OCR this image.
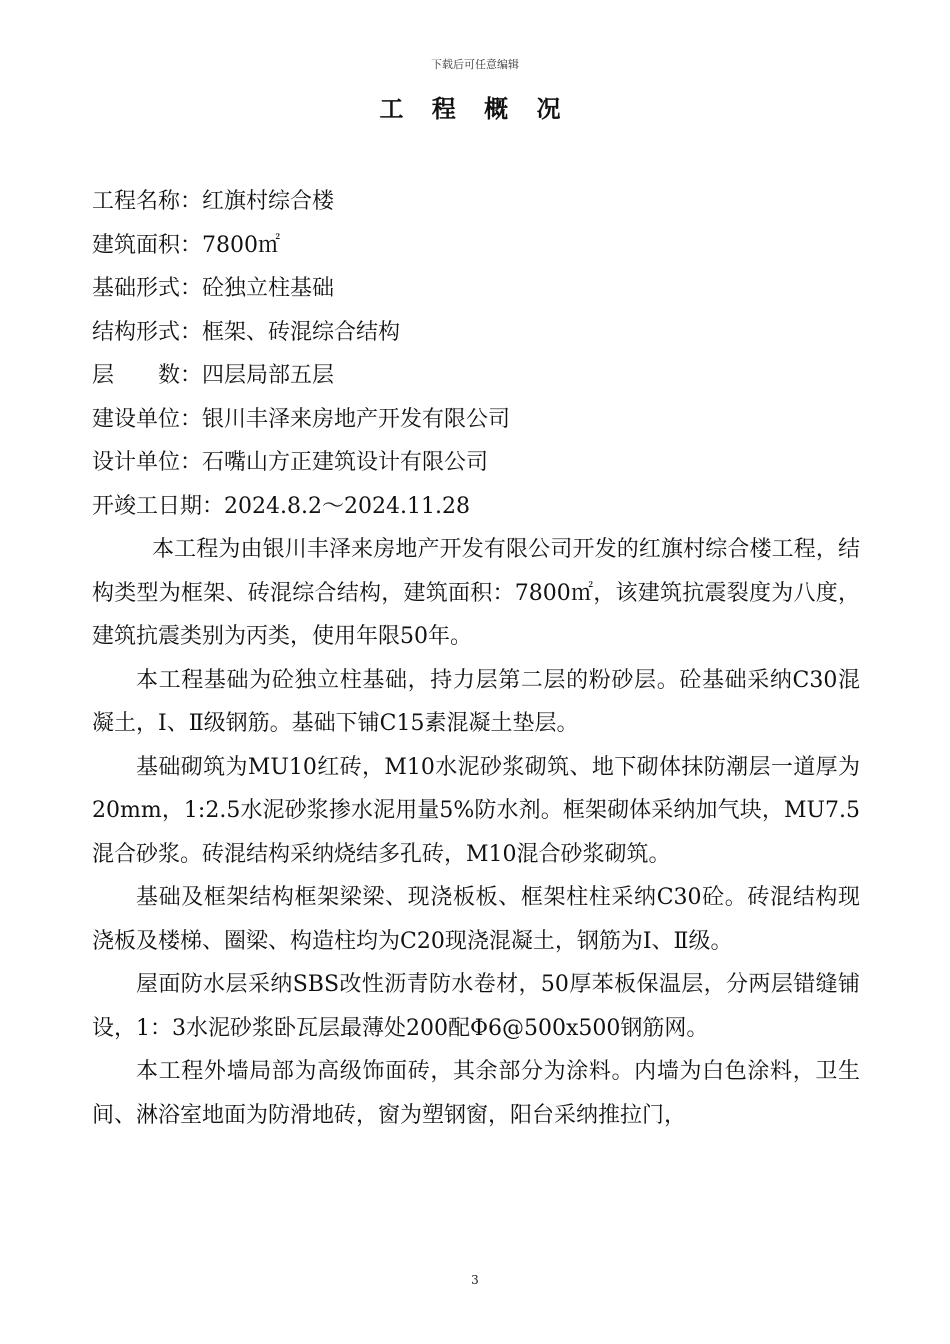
下载后可任意编辑
工 程 概 况
工程名称：红旗村综合楼
建筑面积：7800㎡
基础形式：砼独立柱基础
结构形式：框架、砖混综合结构
层　　数：四层局部五层
建设单位：银川丰泽来房地产开发有限公司
设计单位：石嘴山方正建筑设计有限公司
开竣工日期：2024.8.2～2024.11.28

本工程为由银川丰泽来房地产开发有限公司开发的红旗村综合楼工程，结构类型为框架、砖混综合结构，建筑面积：7800㎡，该建筑抗震裂度为八度，建筑抗震类别为丙类，使用年限50年。

本工程基础为砼独立柱基础，持力层第二层的粉砂层。砼基础采纳C30混凝土，Ⅰ、Ⅱ级钢筋。基础下铺C15素混凝土垫层。

基础砌筑为MU10红砖，M10水泥砂浆砌筑、地下砌体抹防潮层一道厚为20mm，1:2.5水泥砂浆掺水泥用量5%防水剂。框架砌体采纳加气块，MU7.5混合砂浆。砖混结构采纳烧结多孔砖，M10混合砂浆砌筑。

基础及框架结构框架梁梁、现浇板板、框架柱柱采纳C30砼。砖混结构现浇板及楼梯、圈梁、构造柱均为C20现浇混凝土，钢筋为Ⅰ、Ⅱ级。

屋面防水层采纳SBS改性沥青防水卷材，50厚苯板保温层，分两层错缝铺设，1：3水泥砂浆卧瓦层最薄处200配Φ6@500x500钢筋网。

本工程外墙局部为高级饰面砖，其余部分为涂料。内墙为白色涂料，卫生间、淋浴室地面为防滑地砖，窗为塑钢窗，阳台采纳推拉门，

3
